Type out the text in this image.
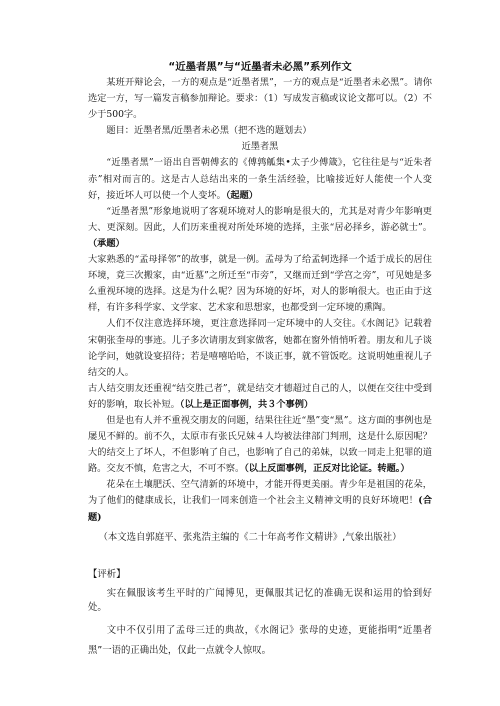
“近墨者黑”与“近墨者未必黑”系列作文

某班开辩论会，一方的观点是“近墨者黑”，一方的观点是“近墨者未必黑”。请你选定一方，写一篇发言稿参加辩论。要求：（1）写成发言稿或议论文都可以。（2）不少于500字。

题目：近墨者黑/近墨者未必黑（把不选的题划去）

近墨者黑

“近墨者黑”一语出自晋朝傅玄的《傅鹑觚集•太子少傅箴》，它往往是与“近朱者赤”相对而言的。这是古人总结出来的一条生活经验，比喻接近好人能使一个人变好，接近坏人可以使一个人变坏。（起题）

“近墨者黑”形象地说明了客观环境对人的影响是很大的，尤其是对青少年影响更大、更深刻。因此，人们历来重视对所处环境的选择，主张“居必择乡，游必就士”。（承题）

大家熟悉的“孟母择邻”的故事，就是一例。孟母为了给孟轲选择一个适于成长的居住环境，竟三次搬家，由“近墓”之所迁至“市旁”，又继而迁到“学宫之旁”，可见她是多么重视环境的选择。这是为什么呢？因为环境的好坏，对人的影响很大。也正由于这样，有许多科学家、文学家、艺术家和思想家，也都受到一定环境的熏陶。

人们不仅注意选择环境，更注意选择同一定环境中的人交往。《水阁记》记载着宋朝张奎母的事迹。儿子多次请朋友到家做客，她都在窗外悄悄听着。朋友和儿子谈论学问，她就设宴招待；若是嘻嘻哈哈，不谈正事，就不管饭吃。这说明她重视儿子结交的人。

古人结交朋友还重视“结交胜己者”，就是结交才德超过自己的人，以便在交往中受到好的影响，取长补短。（以上是正面事例，共３个事例）

但是也有人并不重视交朋友的问题，结果往往近“墨”变“黑”。这方面的事例也是屡见不鲜的。前不久，太原市有张氏兄妹４人均被法律部门判刑，这是什么原因呢？大的结交上了坏人，不但影响了自己，也影响了自己的弟妹，以致一同走上犯罪的道路。交友不慎，危害之大，不可不察。（以上反面事例，正反对比论证。转题。）

花朵在土壤肥沃、空气清新的环境中，才能开得更美丽。青少年是祖国的花朵，为了他们的健康成长，让我们一同来创造一个社会主义精神文明的良好环境吧！(合题)

（本文选自郭庭平、张兆浩主编的《二十年高考作文精讲》,气象出版社）
【评析】

实在佩服该考生平时的广闻博见，更佩服其记忆的准确无误和运用的恰到好处。

文中不仅引用了孟母三迁的典故，《水阁记》张母的史迹，更能指明“近墨者黑”一语的正确出处，仅此一点就令人惊叹。
